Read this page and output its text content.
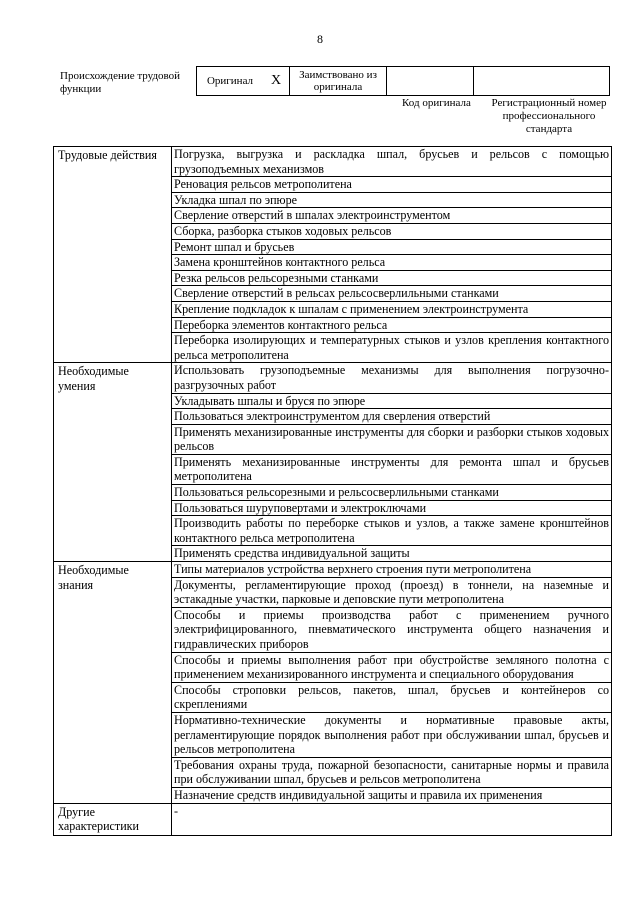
8
Происхождение трудовой функции
Оригинал	X	Заимствовано из оригинала		
Код оригинала	Регистрационный номер профессионального стандарта
Трудовые действия	Погрузка, выгрузка и раскладка шпал, брусьев и рельсов с помощью грузоподъемных механизмов
	Реновация рельсов метрополитена
	Укладка шпал по эпюре
	Сверление отверстий в шпалах электроинструментом
	Сборка, разборка стыков ходовых рельсов
	Ремонт шпал и брусьев
	Замена кронштейнов контактного рельса
	Резка рельсов рельсорезными станками
	Сверление отверстий в рельсах рельсосверлильными станками
	Крепление подкладок к шпалам с применением электроинструмента
	Переборка элементов контактного рельса
	Переборка изолирующих и температурных стыков и узлов крепления контактного рельса метрополитена
Необходимые умения	Использовать грузоподъемные механизмы для выполнения погрузочно-разгрузочных работ
	Укладывать шпалы и бруся по эпюре
	Пользоваться электроинструментом для сверления отверстий
	Применять механизированные инструменты для сборки и разборки стыков ходовых рельсов
	Применять механизированные инструменты для ремонта шпал и брусьев метрополитена
	Пользоваться рельсорезными и рельсосверлильными станками
	Пользоваться шуруповертами и электроключами
	Производить работы по переборке стыков и узлов, а также замене кронштейнов контактного рельса метрополитена
	Применять средства индивидуальной защиты
Необходимые знания	Типы материалов устройства верхнего строения пути метрополитена
	Документы, регламентирующие проход (проезд) в тоннели, на наземные и эстакадные участки, парковые и деповские пути метрополитена
	Способы и приемы производства работ с применением ручного электрифицированного, пневматического инструмента общего назначения и гидравлических приборов
	Способы и приемы выполнения работ при обустройстве земляного полотна с применением механизированного инструмента и специального оборудования
	Способы строповки рельсов, пакетов, шпал, брусьев и контейнеров со скреплениями
	Нормативно-технические документы и нормативные правовые акты, регламентирующие порядок выполнения работ при обслуживании шпал, брусьев и рельсов метрополитена
	Требования охраны труда, пожарной безопасности, санитарные нормы и правила при обслуживании шпал, брусьев и рельсов метрополитена
	Назначение средств индивидуальной защиты и правила их применения
Другие характеристики	-
